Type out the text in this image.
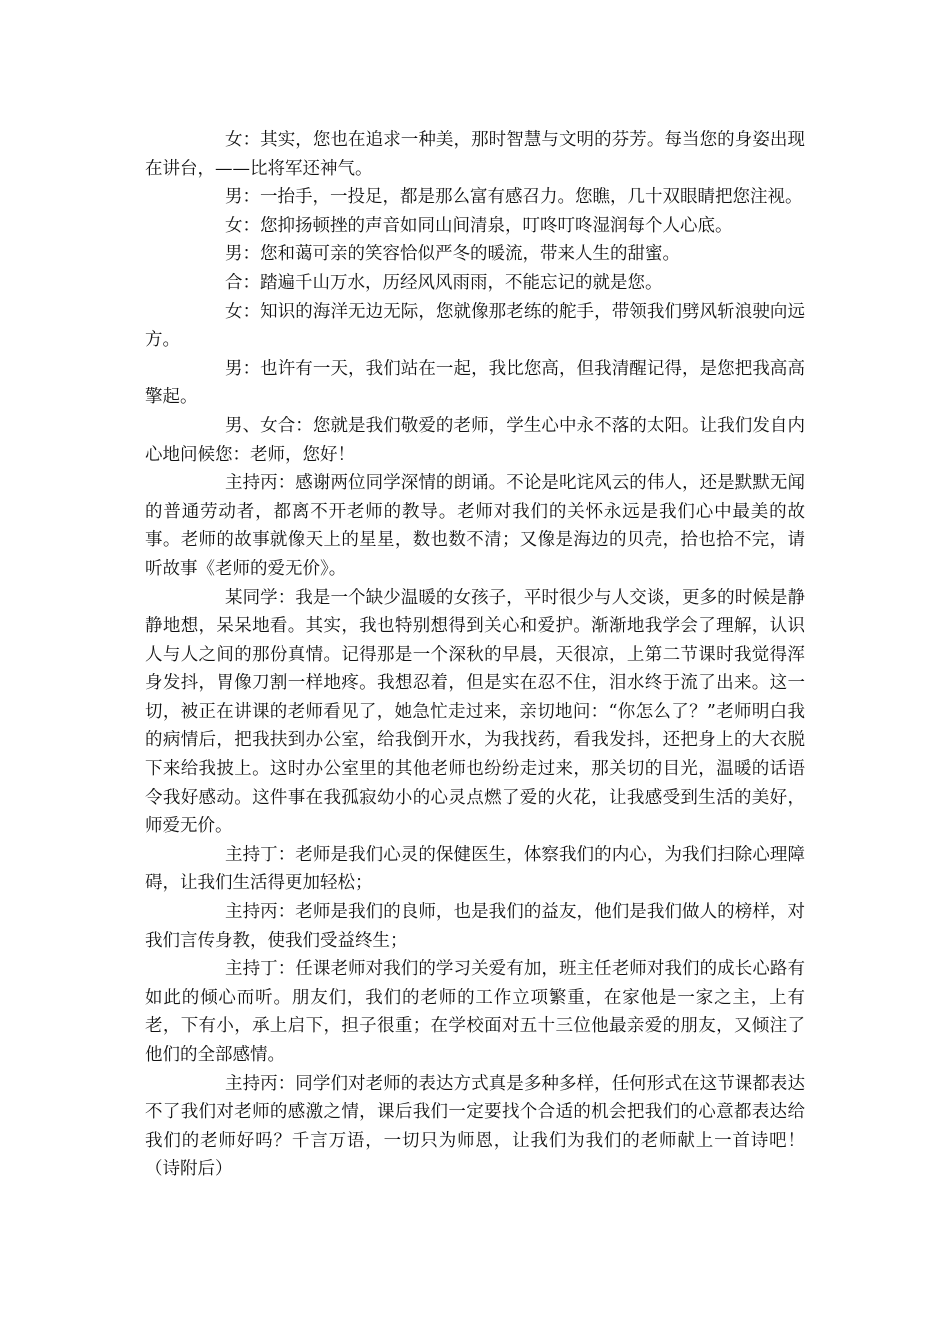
女：其实，您也在追求一种美，那时智慧与文明的芬芳。每当您的身姿出现在讲台，——比将军还神气。

男：一抬手，一投足，都是那么富有感召力。您瞧，几十双眼睛把您注视。

女：您抑扬顿挫的声音如同山间清泉，叮咚叮咚湿润每个人心底。

男：您和蔼可亲的笑容恰似严冬的暖流，带来人生的甜蜜。

合：踏遍千山万水，历经风风雨雨，不能忘记的就是您。

女：知识的海洋无边无际，您就像那老练的舵手，带领我们劈风斩浪驶向远方。

男：也许有一天，我们站在一起，我比您高，但我清醒记得，是您把我高高擎起。

男、女合：您就是我们敬爱的老师，学生心中永不落的太阳。让我们发自内心地问候您：老师，您好！

主持丙：感谢两位同学深情的朗诵。不论是叱诧风云的伟人，还是默默无闻的普通劳动者，都离不开老师的教导。老师对我们的关怀永远是我们心中最美的故事。老师的故事就像天上的星星，数也数不清；又像是海边的贝壳，拾也拾不完，请听故事《老师的爱无价》。

某同学：我是一个缺少温暖的女孩子，平时很少与人交谈，更多的时候是静静地想，呆呆地看。其实，我也特别想得到关心和爱护。渐渐地我学会了理解，认识人与人之间的那份真情。记得那是一个深秋的早晨，天很凉，上第二节课时我觉得浑身发抖，胃像刀割一样地疼。我想忍着，但是实在忍不住，泪水终于流了出来。这一切，被正在讲课的老师看见了，她急忙走过来，亲切地问：“你怎么了？”老师明白我的病情后，把我扶到办公室，给我倒开水，为我找药，看我发抖，还把身上的大衣脱下来给我披上。这时办公室里的其他老师也纷纷走过来，那关切的目光，温暖的话语令我好感动。这件事在我孤寂幼小的心灵点燃了爱的火花，让我感受到生活的美好，师爱无价。

主持丁：老师是我们心灵的保健医生，体察我们的内心，为我们扫除心理障碍，让我们生活得更加轻松；

主持丙：老师是我们的良师，也是我们的益友，他们是我们做人的榜样，对我们言传身教，使我们受益终生；

主持丁：任课老师对我们的学习关爱有加，班主任老师对我们的成长心路有如此的倾心而听。朋友们，我们的老师的工作立项繁重，在家他是一家之主，上有老，下有小，承上启下，担子很重；在学校面对五十三位他最亲爱的朋友，又倾注了他们的全部感情。

主持丙：同学们对老师的表达方式真是多种多样，任何形式在这节课都表达不了我们对老师的感激之情，课后我们一定要找个合适的机会把我们的心意都表达给我们的老师好吗？千言万语，一切只为师恩，让我们为我们的老师献上一首诗吧！（诗附后）
